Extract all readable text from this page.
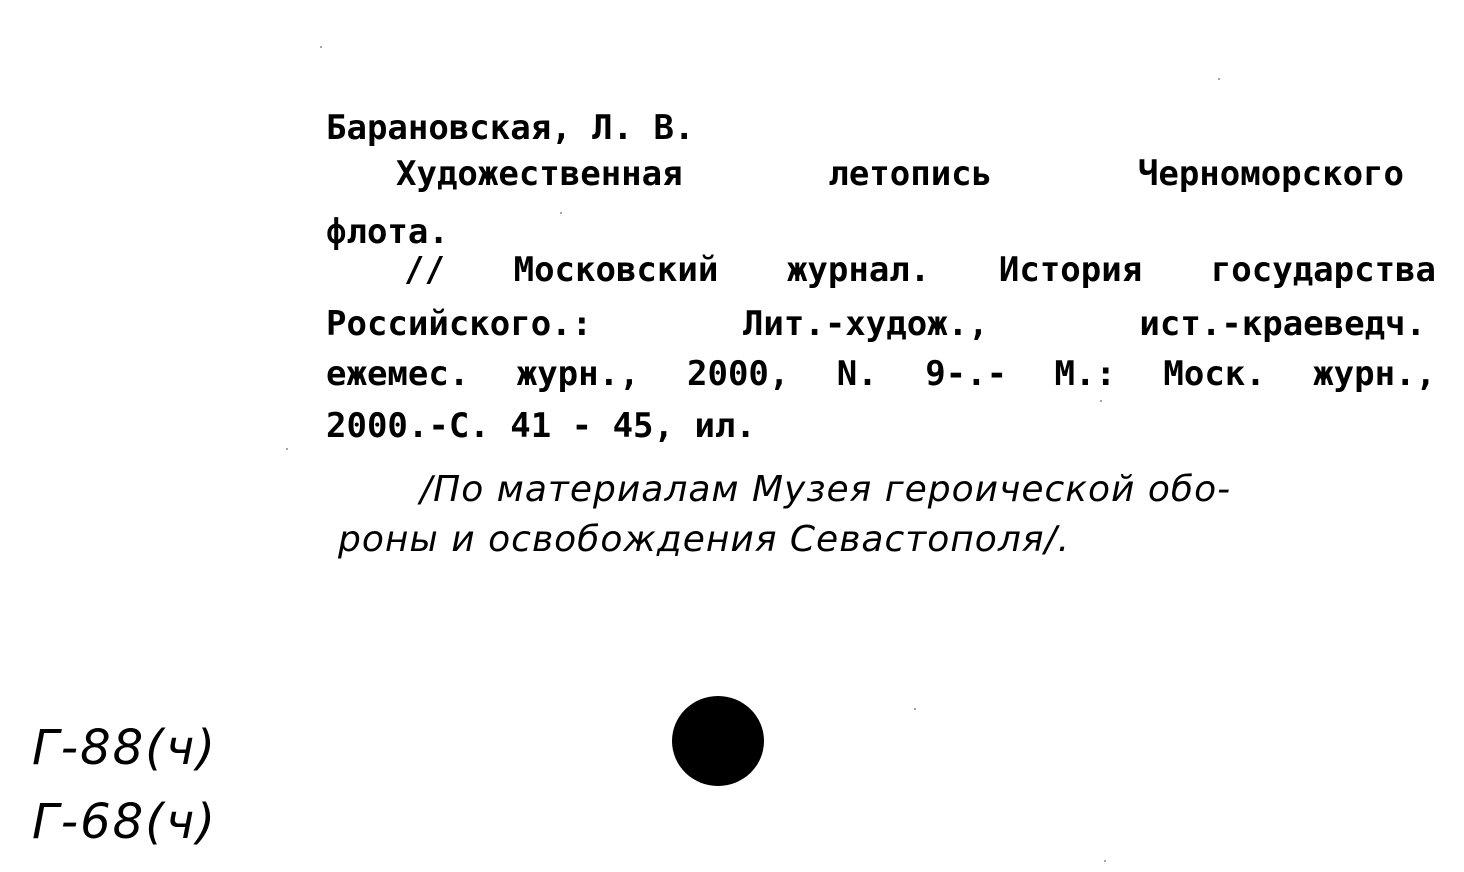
Барановская, Л. В.
Художественная	летопись	Черноморского
флота.
// Московский журнал. История государства
Российского.:	Лит.-худож.,	ист.-краеведч.
ежемес. журн., 2000, N. 9-.- М.: Моск. журн.,
2000.-С. 41 - 45, ил.
/По материалам Музея героической обо-
роны и освобождения Севастополя/.
Г-88(ч)
Г-68(ч)
